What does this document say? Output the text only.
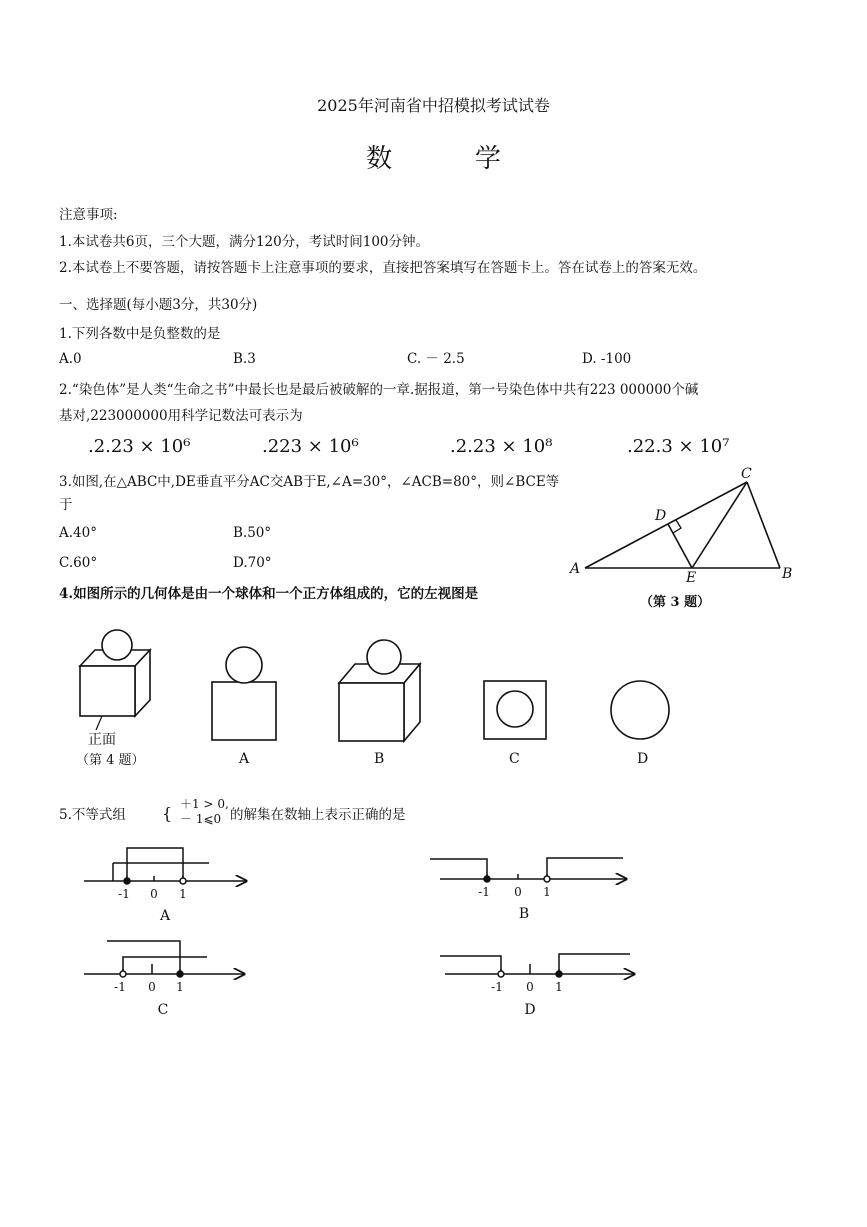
2025年河南省中招模拟考试试卷
数          学
注意事项:
1.本试卷共6页，三个大题，满分120分，考试时间100分钟。
2.本试卷上不要答题，请按答题卡上注意事项的要求，直接把答案填写在答题卡上。答在试卷上的答案无效。
一、选择题(每小题3分，共30分)
1.下列各数中是负整数的是
A.0	B.3	C. － 2.5	D. -100
2.“染色体”是人类“生命之书”中最长也是最后被破解的一章.据报道，第一号染色体中共有223 000000个碱
基对,223000000用科学记数法可表示为
.2.23 × 10⁶	.223 × 10⁶	.2.23 × 10⁸	.22.3 × 10⁷
3.如图,在△ABC中,DE垂直平分AC交AB于E,∠A=30°，∠ACB=80°，则∠BCE等
于
A.40°	B.50°
C.60°	D.70°	A	B
C
D
E
（第 3 题）
4.如图所示的几何体是由一个球体和一个正方体组成的，它的左视图是
正面
（第 4 题）	A	B	C	D
5.不等式组 { ＋1 > 0,
－ 1⩽0 的解集在数轴上表示正确的是
-1 0 1	-1 0 1
-1 0 1	-1 0 1
A	B
C	D
